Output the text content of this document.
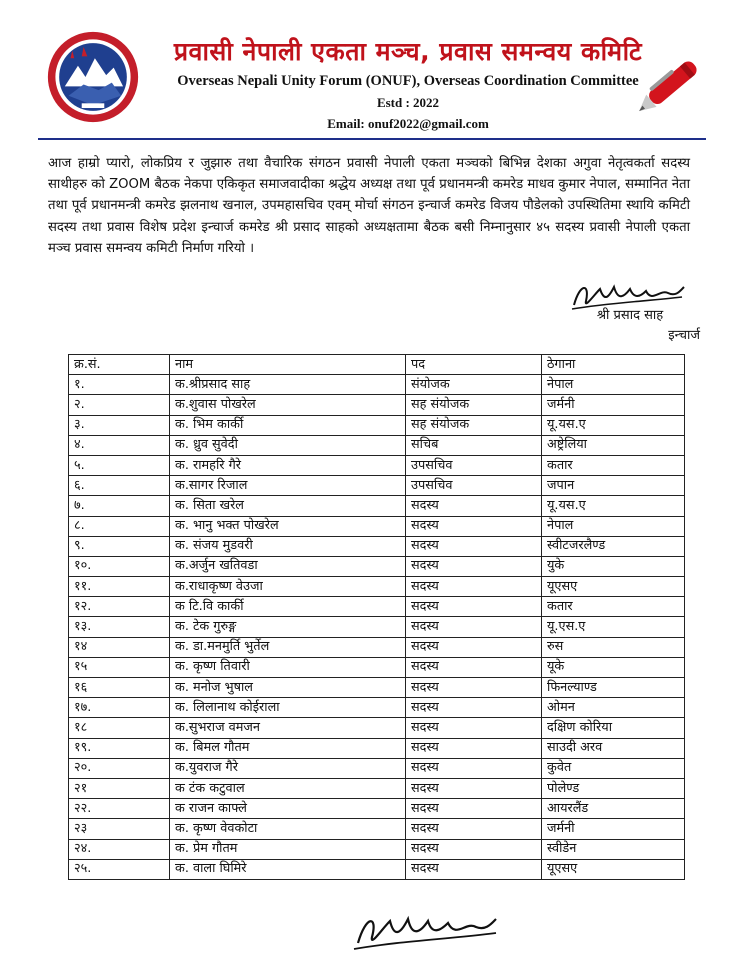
प्रवासी नेपाली एकता मञ्च, प्रवास समन्वय कमिटि
Overseas Nepali Unity Forum (ONUF), Overseas Coordination Committee
Estd : 2022
Email: onuf2022@gmail.com
आज हाम्रो प्यारो, लोकप्रिय र जुझारु तथा वैचारिक संगठन प्रवासी नेपाली एकता मञ्चको बिभिन्न देशका अगुवा नेतृत्वकर्ता सदस्य साथीहरु को ZOOM बैठक नेकपा एकिकृत समाजवादीका श्रद्धेय अध्यक्ष तथा पूर्व प्रधानमन्त्री कमरेड माधव कुमार नेपाल, सम्मानित नेता तथा पूर्व प्रधानमन्त्री कमरेड झलनाथ खनाल, उपमहासचिव एवम् मोर्चा संगठन इन्चार्ज कमरेड विजय पौडेलको उपस्थितिमा स्थायि कमिटी सदस्य तथा प्रवास विशेष प्रदेश इन्चार्ज कमरेड श्री प्रसाद साहको अध्यक्षतामा बैठक बसी निम्नानुसार ४५ सदस्य प्रवासी नेपाली एकता मञ्च प्रवास समन्वय कमिटी निर्माण गरियो ।
श्री प्रसाद साह
इन्चार्ज
क्र.सं.	नाम	पद	ठेगाना
१.	क.श्रीप्रसाद साह	संयोजक	नेपाल
२.	क.शुवास पोखरेल	सह संयोजक	जर्मनी
३.	क. भिम कार्की	सह संयोजक	यू.यस.ए
४.	क. ध्रुव सुवेदी	सचिब	अष्ट्रेलिया
५.	क. रामहरि गैरे	उपसचिव	कतार
६.	क.सागर रिजाल	उपसचिव	जपान
७.	क. सिता खरेल	सदस्य	यू.यस.ए
८.	क. भानु भक्त पोखरेल	सदस्य	नेपाल
९.	क. संजय मुडवरी	सदस्य	स्वीटजरलैण्ड
१०.	क.अर्जुन खतिवडा	सदस्य	युके
११.	क.राधाकृष्ण वेउजा	सदस्य	यूएसए
१२.	क टि.वि कार्की	सदस्य	कतार
१३.	क. टेक गुरुङ्ग	सदस्य	यू.एस.ए
१४	क. डा.मनमुर्ति भुर्तेल	सदस्य	रुस
१५	क. कृष्ण तिवारी	सदस्य	यूके
१६	क. मनोज भुषाल	सदस्य	फिनल्याण्ड
१७.	क. लिलानाथ कोईराला	सदस्य	ओमन
१८	क.सुभराज वमजन	सदस्य	दक्षिण कोरिया
१९.	क. बिमल गौतम	सदस्य	साउदी अरव
२०.	क.युवराज गैरे	सदस्य	कुवेत
२१	क टंक कटुवाल	सदस्य	पोलेण्ड
२२.	क राजन काफ्ले	सदस्य	आयरलैंड
२३	क. कृष्ण वेवकोटा	सदस्य	जर्मनी
२४.	क. प्रेम गौतम	सदस्य	स्वीडेन
२५.	क. वाला घिमिरे	सदस्य	यूएसए
